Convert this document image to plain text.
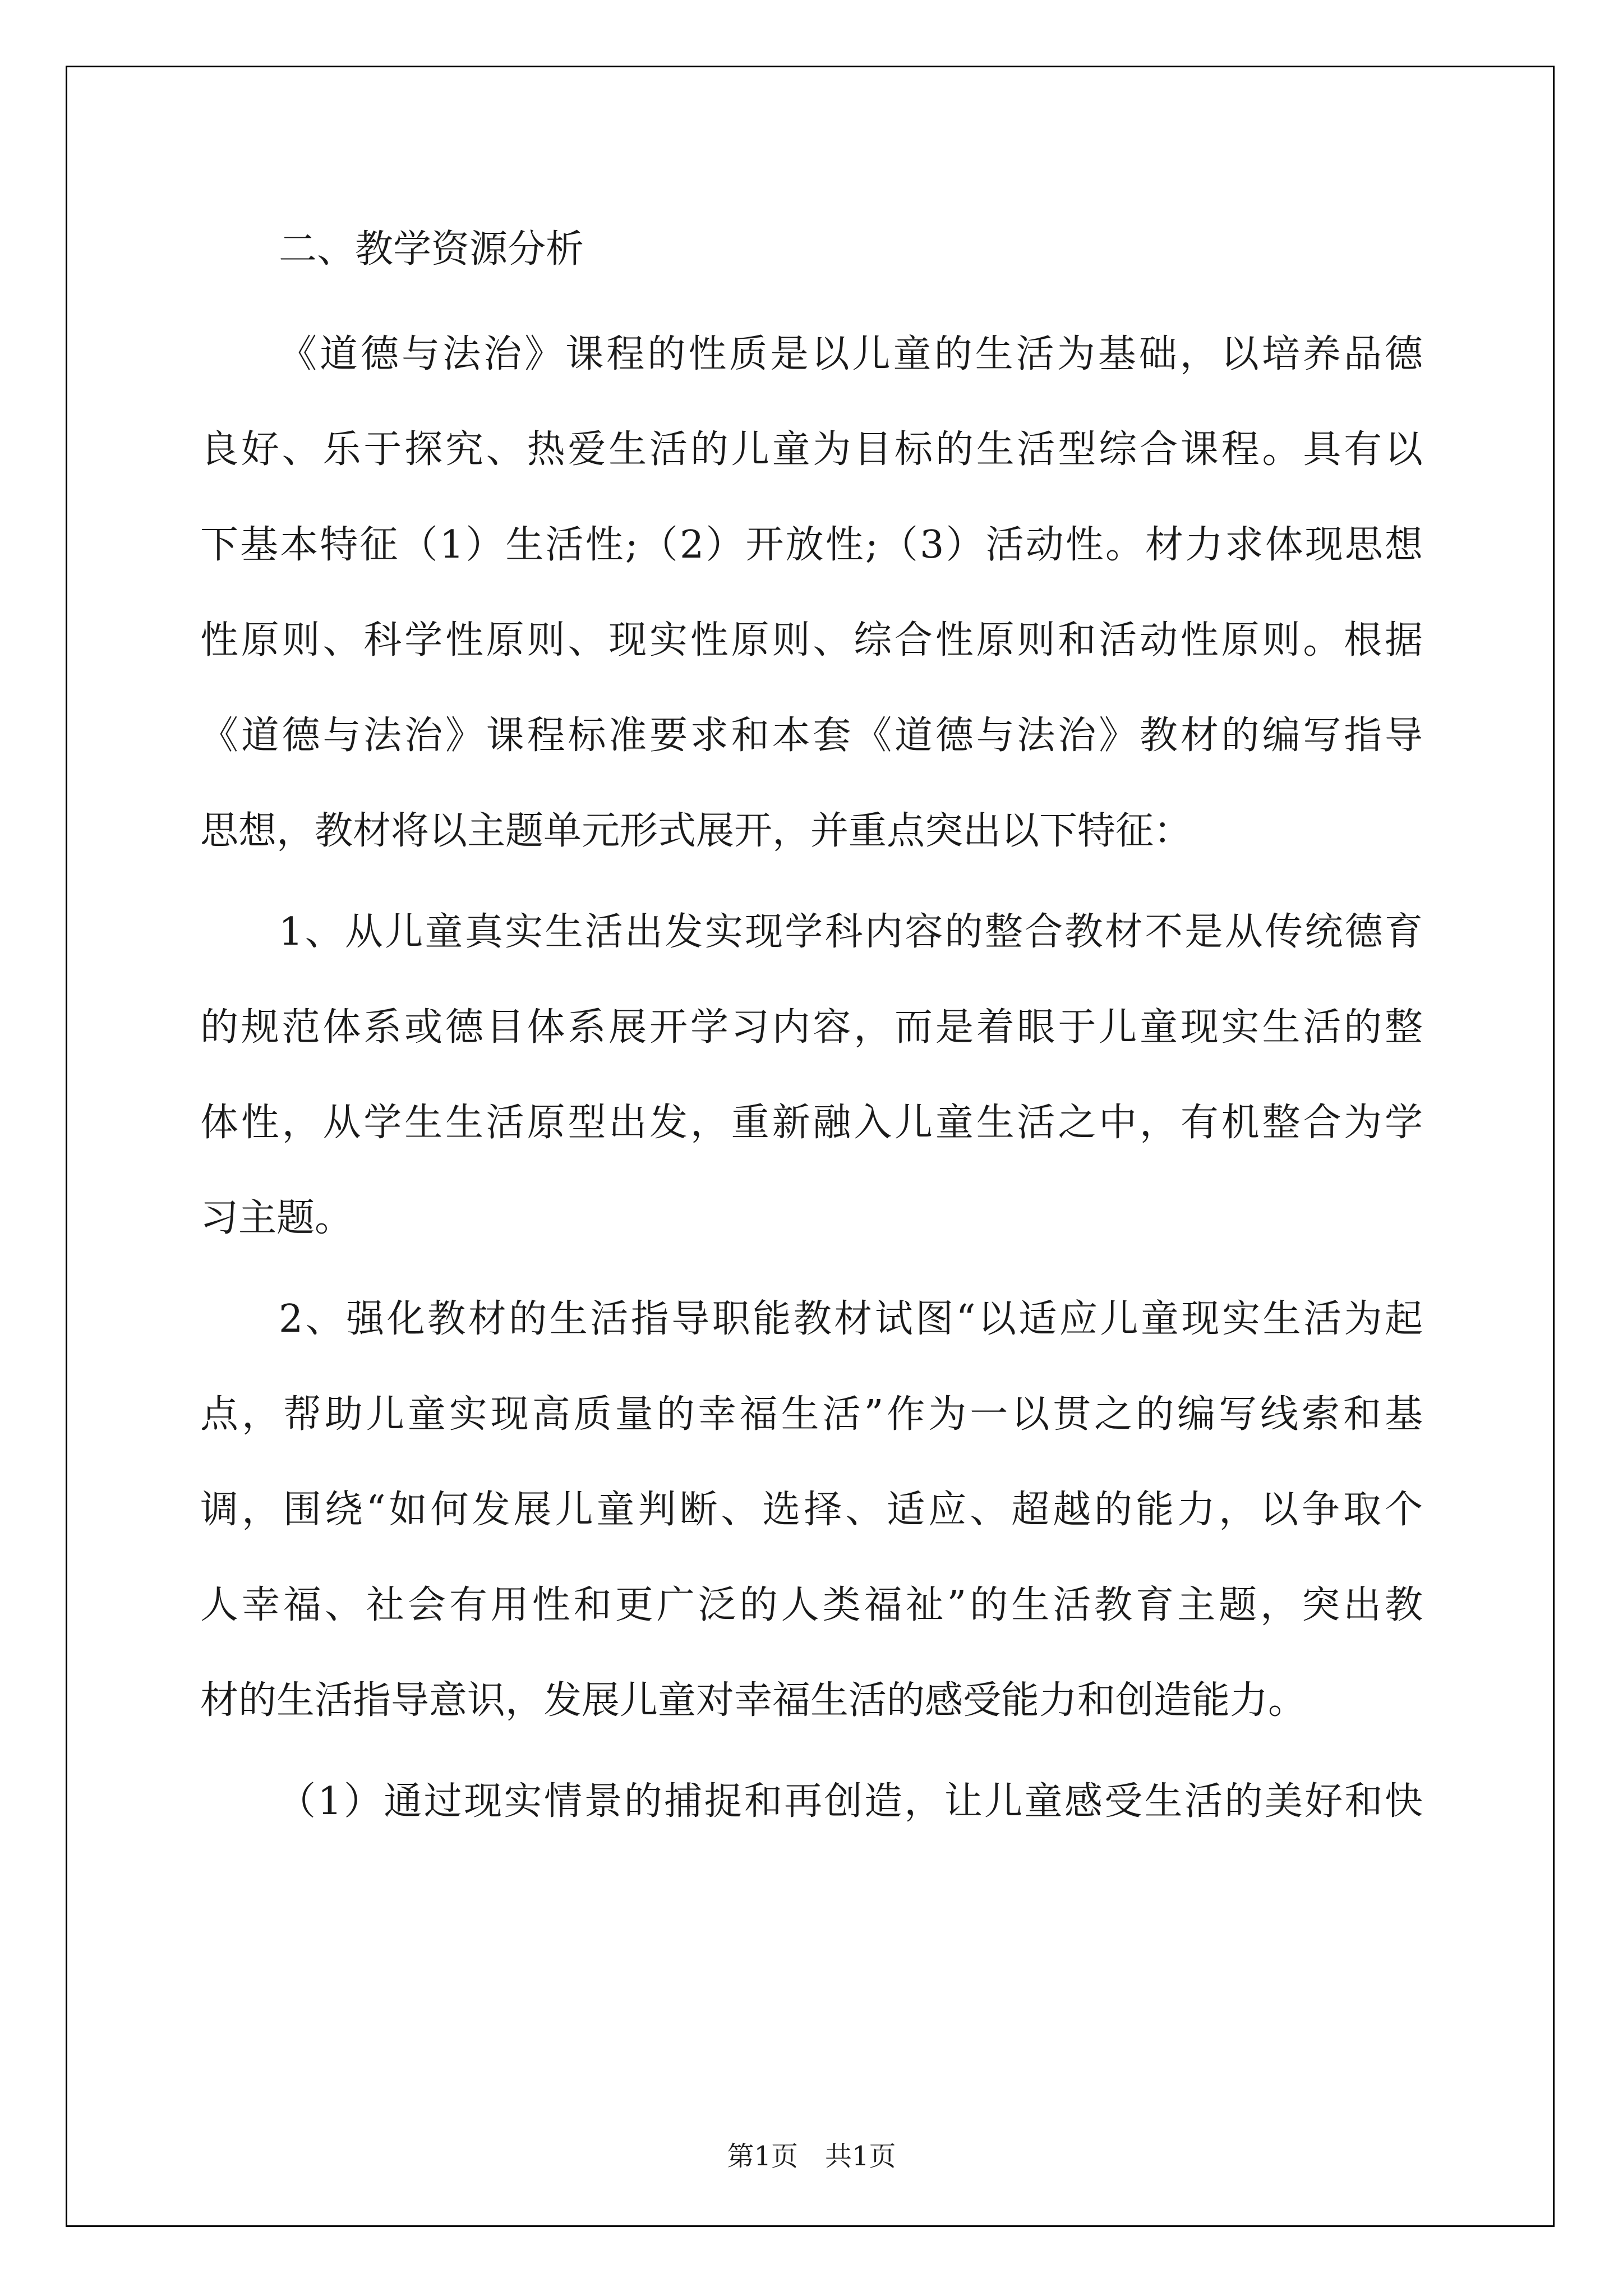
二、教学资源分析

《道德与法治》课程的性质是以儿童的生活为基础，以培养品德

良好、乐于探究、热爱生活的儿童为目标的生活型综合课程。具有以

下基本特征（1）生活性;（2）开放性;（3）活动性。材力求体现思想

性原则、科学性原则、现实性原则、综合性原则和活动性原则。根据

《道德与法治》课程标准要求和本套《道德与法治》教材的编写指导

思想，教材将以主题单元形式展开，并重点突出以下特征：

1、从儿童真实生活出发实现学科内容的整合教材不是从传统德育

的规范体系或德目体系展开学习内容，而是着眼于儿童现实生活的整

体性，从学生生活原型出发，重新融入儿童生活之中，有机整合为学

习主题。

2、强化教材的生活指导职能教材试图“以适应儿童现实生活为起

点，帮助儿童实现高质量的幸福生活”作为一以贯之的编写线索和基

调，围绕“如何发展儿童判断、选择、适应、超越的能力，以争取个

人幸福、社会有用性和更广泛的人类福祉”的生活教育主题，突出教

材的生活指导意识，发展儿童对幸福生活的感受能力和创造能力。

（1）通过现实情景的捕捉和再创造，让儿童感受生活的美好和快

第1页　共1页
